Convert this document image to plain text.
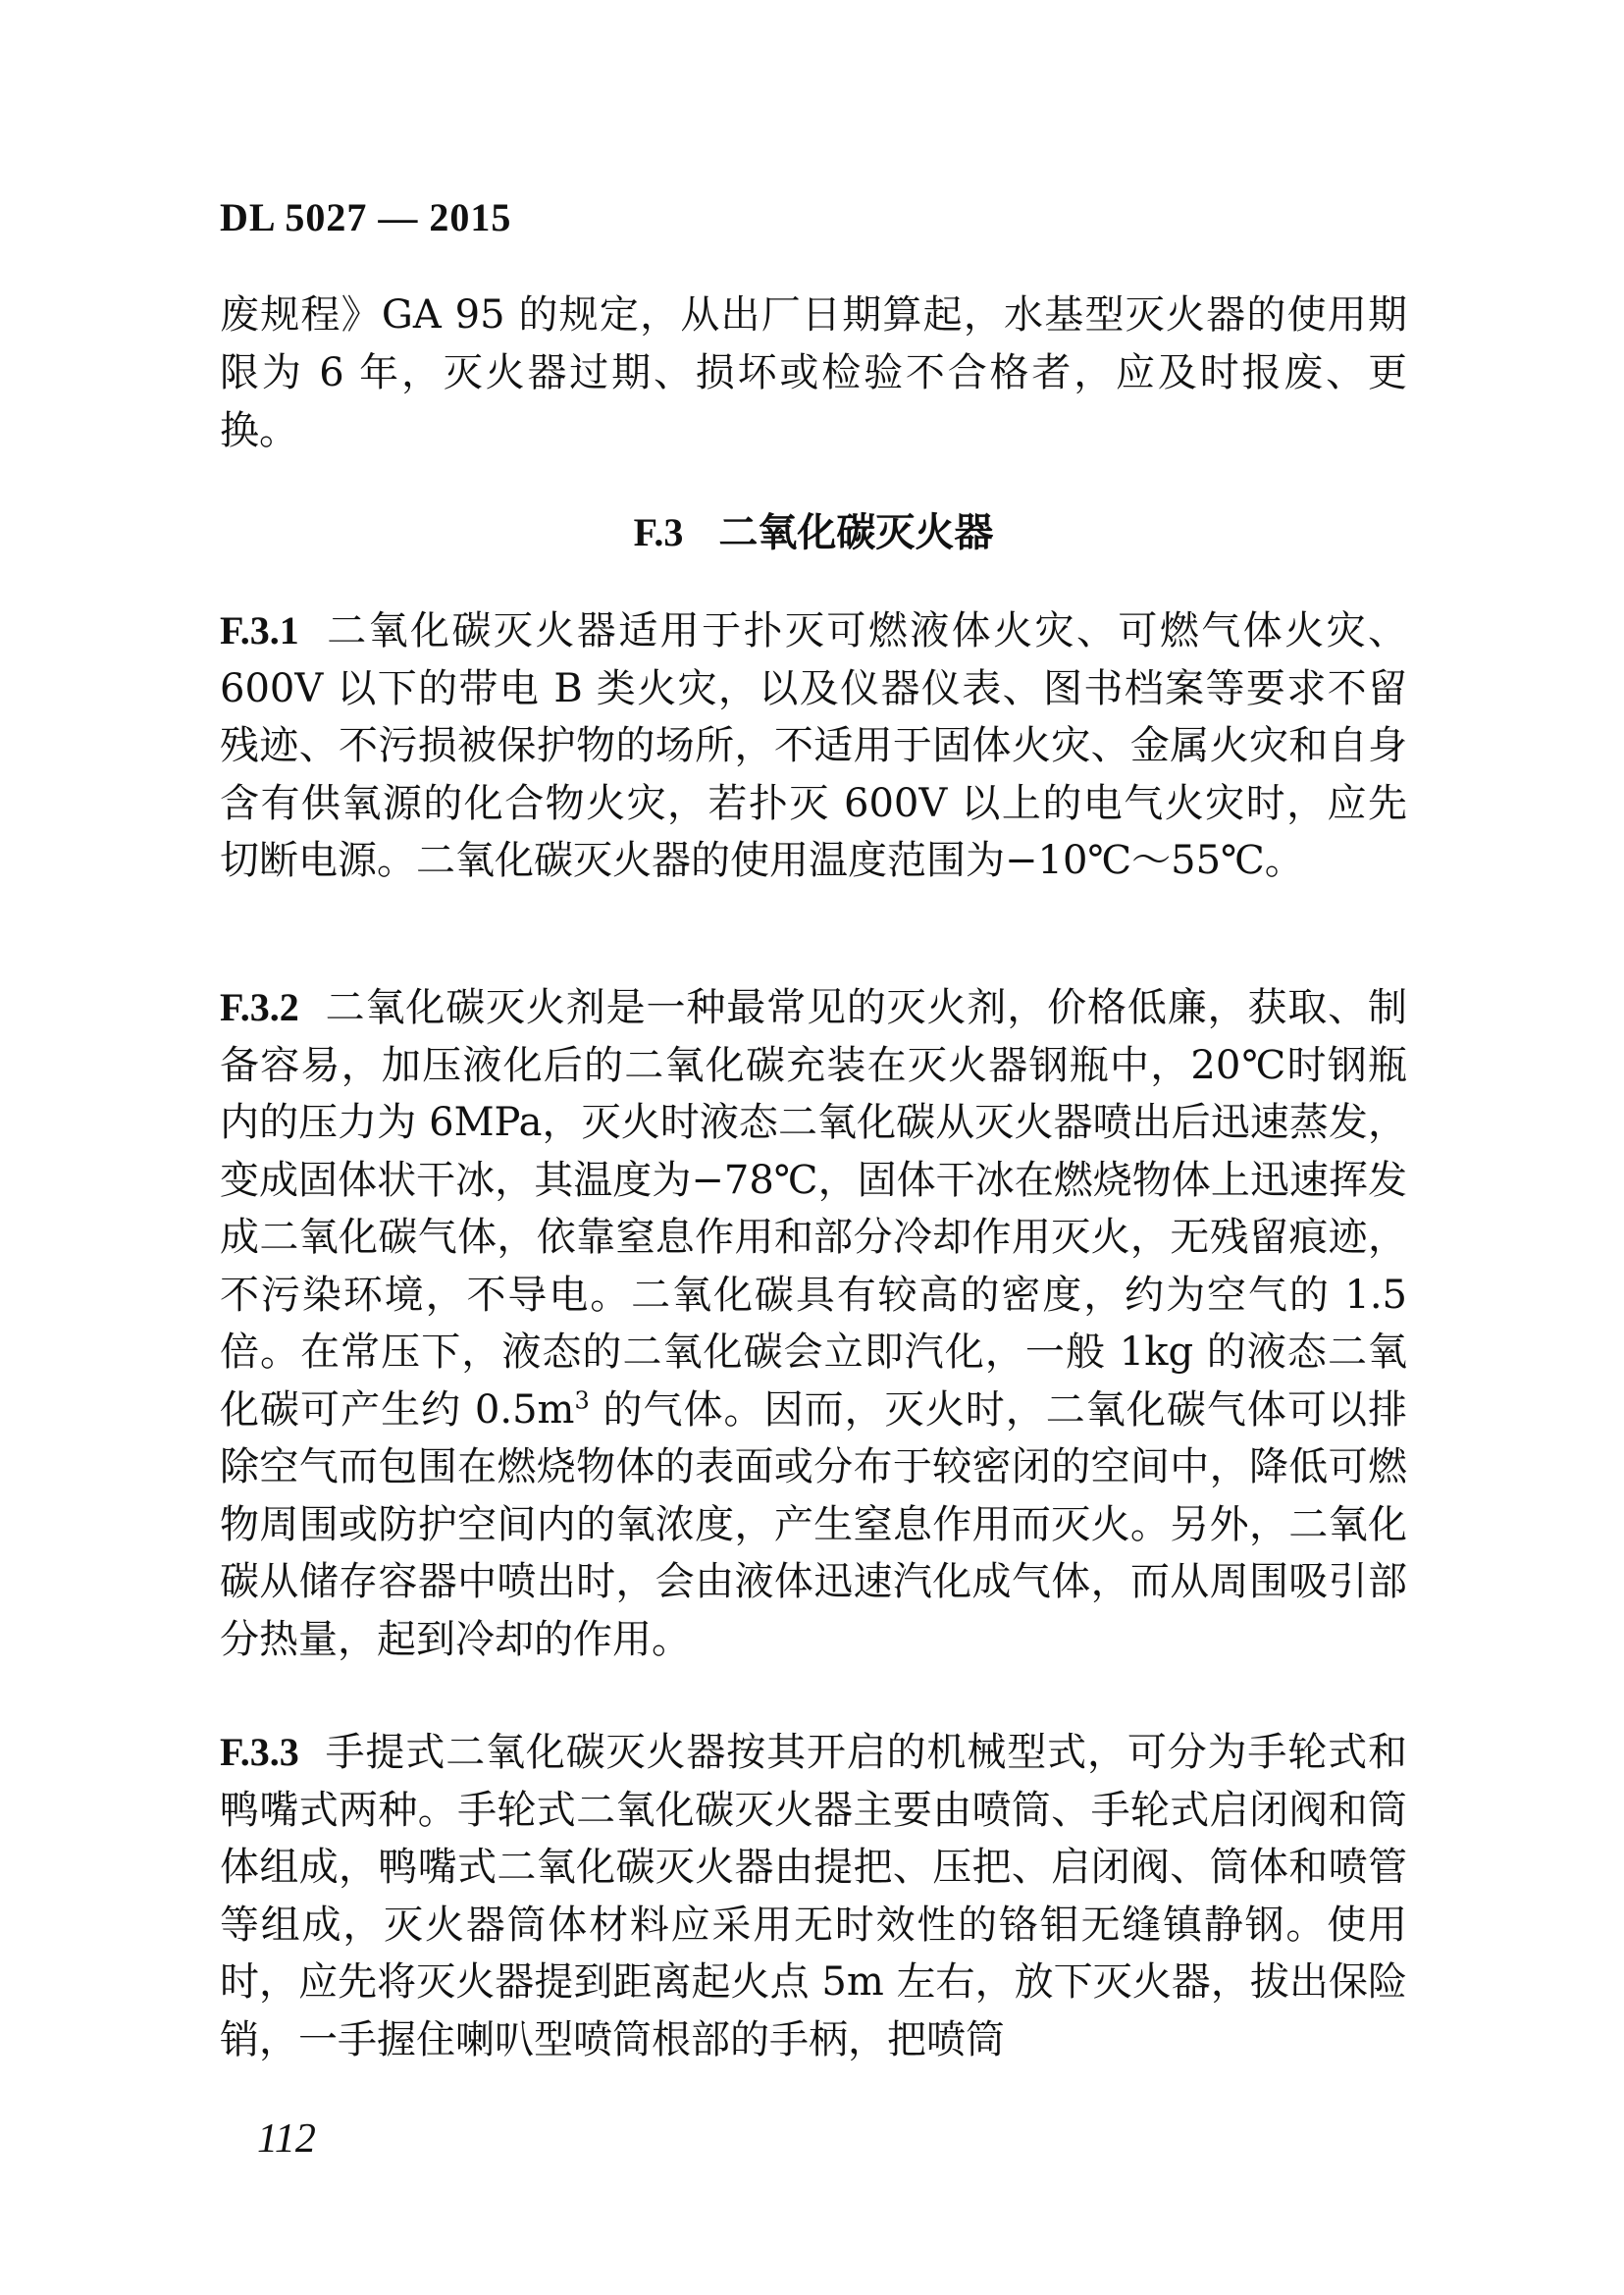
DL 5027 — 2015

废规程》GA 95 的规定，从出厂日期算起，水基型灭火器的使用期限为 6 年，灭火器过期、损坏或检验不合格者，应及时报废、更换。

F.3 二氧化碳灭火器

F.3.1 二氧化碳灭火器适用于扑灭可燃液体火灾、可燃气体火灾、600V 以下的带电 B 类火灾，以及仪器仪表、图书档案等要求不留残迹、不污损被保护物的场所，不适用于固体火灾、金属火灾和自身含有供氧源的化合物火灾，若扑灭 600V 以上的电气火灾时，应先切断电源。二氧化碳灭火器的使用温度范围为−10℃～55℃。

F.3.2 二氧化碳灭火剂是一种最常见的灭火剂，价格低廉，获取、制备容易，加压液化后的二氧化碳充装在灭火器钢瓶中，20℃时钢瓶内的压力为 6MPa，灭火时液态二氧化碳从灭火器喷出后迅速蒸发，变成固体状干冰，其温度为−78℃，固体干冰在燃烧物体上迅速挥发成二氧化碳气体，依靠窒息作用和部分冷却作用灭火，无残留痕迹，不污染环境，不导电。二氧化碳具有较高的密度，约为空气的 1.5 倍。在常压下，液态的二氧化碳会立即汽化，一般 1kg 的液态二氧化碳可产生约 $0.5m^3$ 的气体。因而，灭火时，二氧化碳气体可以排除空气而包围在燃烧物体的表面或分布于较密闭的空间中，降低可燃物周围或防护空间内的氧浓度，产生窒息作用而灭火。另外，二氧化碳从储存容器中喷出时，会由液体迅速汽化成气体，而从周围吸引部分热量，起到冷却的作用。

F.3.3 手提式二氧化碳灭火器按其开启的机械型式，可分为手轮式和鸭嘴式两种。手轮式二氧化碳灭火器主要由喷筒、手轮式启闭阀和筒体组成，鸭嘴式二氧化碳灭火器由提把、压把、启闭阀、筒体和喷管等组成，灭火器筒体材料应采用无时效性的铬钼无缝镇静钢。使用时，应先将灭火器提到距离起火点 5m 左右，放下灭火器，拔出保险销，一手握住喇叭型喷筒根部的手柄，把喷筒

112
